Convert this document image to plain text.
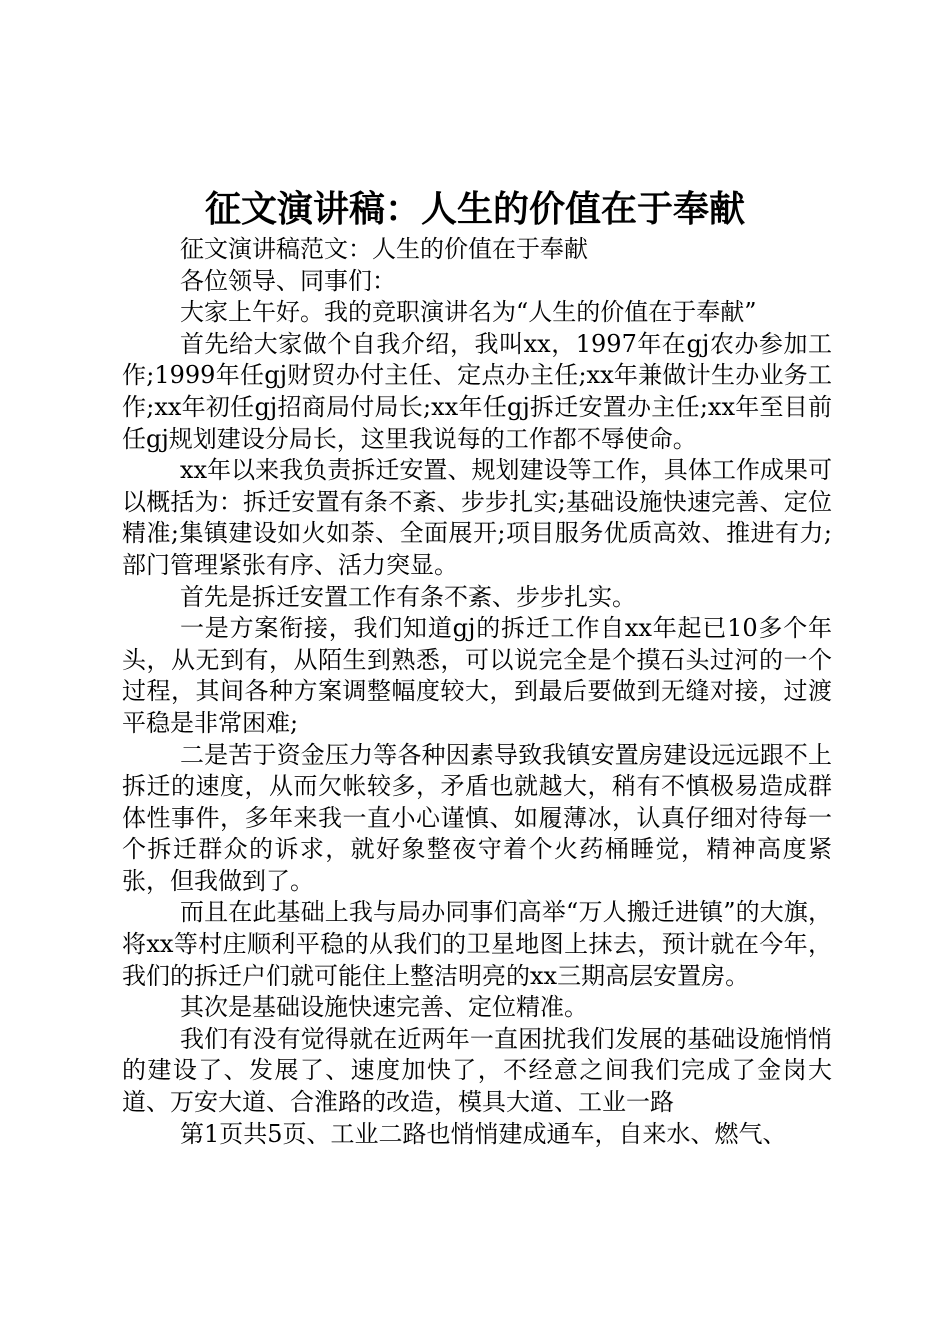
征文演讲稿：人生的价值在于奉献

征文演讲稿范文：人生的价值在于奉献

各位领导、同事们：

大家上午好。我的竞职演讲名为“人生的价值在于奉献”

首先给大家做个自我介绍，我叫xx，1997年在gj农办参加工作;1999年任gj财贸办付主任、定点办主任;xx年兼做计生办业务工作;xx年初任gj招商局付局长;xx年任gj拆迁安置办主任;xx年至目前任gj规划建设分局长，这里我说每的工作都不辱使命。

xx年以来我负责拆迁安置、规划建设等工作，具体工作成果可以概括为：拆迁安置有条不紊、步步扎实;基础设施快速完善、定位精准;集镇建设如火如荼、全面展开;项目服务优质高效、推进有力;部门管理紧张有序、活力突显。

首先是拆迁安置工作有条不紊、步步扎实。

一是方案衔接，我们知道gj的拆迁工作自xx年起已10多个年头，从无到有，从陌生到熟悉，可以说完全是个摸石头过河的一个过程，其间各种方案调整幅度较大，到最后要做到无缝对接，过渡平稳是非常困难;

二是苦于资金压力等各种因素导致我镇安置房建设远远跟不上拆迁的速度，从而欠帐较多，矛盾也就越大，稍有不慎极易造成群体性事件，多年来我一直小心谨慎、如履薄冰，认真仔细对待每一个拆迁群众的诉求，就好象整夜守着个火药桶睡觉，精神高度紧张，但我做到了。

而且在此基础上我与局办同事们高举“万人搬迁进镇”的大旗，将xx等村庄顺利平稳的从我们的卫星地图上抹去，预计就在今年，我们的拆迁户们就可能住上整洁明亮的xx三期高层安置房。

其次是基础设施快速完善、定位精准。

我们有没有觉得就在近两年一直困扰我们发展的基础设施悄悄的建设了、发展了、速度加快了，不经意之间我们完成了金岗大道、万安大道、合淮路的改造，模具大道、工业一路

第1页共5页、工业二路也悄悄建成通车，自来水、燃气、
